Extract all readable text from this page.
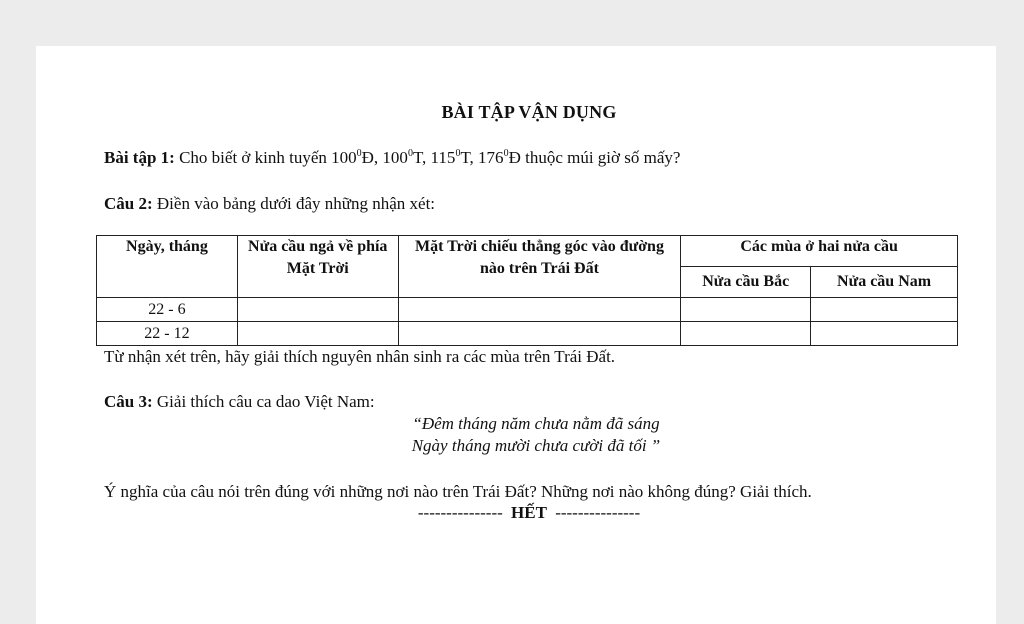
BÀI TẬP VẬN DỤNG
Bài tập 1: Cho biết ở kinh tuyến $100^0Đ$, $100^0T$, $115^0T$, $176^0Đ$ thuộc múi giờ số mấy?
Câu 2: Điền vào bảng dưới đây những nhận xét:
Ngày, tháng	Nửa cầu ngả về phía Mặt Trời	Mặt Trời chiếu thẳng góc vào đường nào trên Trái Đất	Các mùa ở hai nửa cầu	
			Nửa cầu Bắc	Nửa cầu Nam
22 - 6				
22 - 12				
Từ nhận xét trên, hãy giải thích nguyên nhân sinh ra các mùa trên Trái Đất.
Câu 3: Giải thích câu ca dao Việt Nam:
“Đêm tháng năm chưa nằm đã sáng
Ngày tháng mười chưa cười đã tối ”
Ý nghĩa của câu nói trên đúng với những nơi nào trên Trái Đất? Những nơi nào không đúng? Giải thích.
--------------- HẾT ---------------
